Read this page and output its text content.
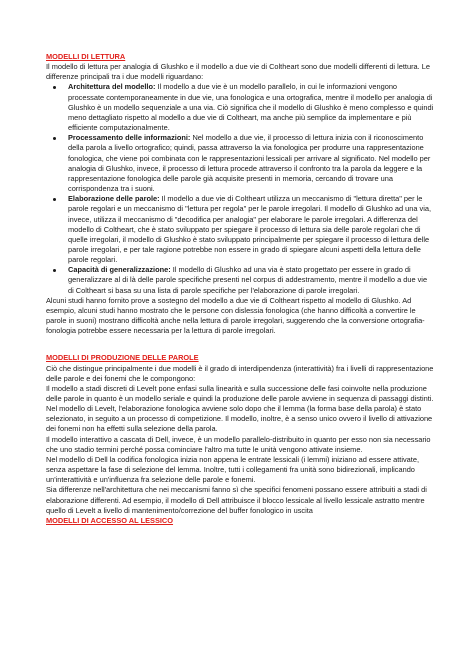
MODELLI DI LETTURA

Il modello di lettura per analogia di Glushko e il modello a due vie di Coltheart sono due modelli differenti di lettura. Le differenze principali tra i due modelli riguardano:

Architettura del modello: Il modello a due vie è un modello parallelo, in cui le informazioni vengono processate contemporaneamente in due vie, una fonologica e una ortografica, mentre il modello per analogia di Glushko è un modello sequenziale a una via. Ciò significa che il modello di Glushko è meno complesso e quindi meno dettagliato rispetto al modello a due vie di Coltheart, ma anche più semplice da implementare e più efficiente computazionalmente.
Processamento delle informazioni: Nel modello a due vie, il processo di lettura inizia con il riconoscimento della parola a livello ortografico; quindi, passa attraverso la via fonologica per produrre una rappresentazione fonologica, che viene poi combinata con le rappresentazioni lessicali per arrivare al significato. Nel modello per analogia di Glushko, invece, il processo di lettura procede attraverso il confronto tra la parola da leggere e la rappresentazione fonologica delle parole già acquisite presenti in memoria, cercando di trovare una corrispondenza tra i suoni.
Elaborazione delle parole: Il modello a due vie di Coltheart utilizza un meccanismo di "lettura diretta" per le parole regolari e un meccanismo di "lettura per regola" per le parole irregolari. Il modello di Glushko ad una via, invece, utilizza il meccanismo di "decodifica per analogia" per elaborare le parole irregolari. A differenza del modello di Coltheart, che è stato sviluppato per spiegare il processo di lettura sia delle parole regolari che di quelle irregolari, il modello di Glushko è stato sviluppato principalmente per spiegare il processo di lettura delle parole irregolari, e per tale ragione potrebbe non essere in grado di spiegare alcuni aspetti della lettura delle parole regolari.
Capacità di generalizzazione: Il modello di Glushko ad una via è stato progettato per essere in grado di generalizzare al di là delle parole specifiche presenti nel corpus di addestramento, mentre il modello a due vie di Coltheart si basa su una lista di parole specifiche per l'elaborazione di parole irregolari.

Alcuni studi hanno fornito prove a sostegno del modello a due vie di Coltheart rispetto al modello di Glushko. Ad esempio, alcuni studi hanno mostrato che le persone con dislessia fonologica (che hanno difficoltà a convertire le parole in suoni) mostrano difficoltà anche nella lettura di parole irregolari, suggerendo che la conversione ortografia-fonologia potrebbe essere necessaria per la lettura di parole irregolari.

MODELLI DI PRODUZIONE DELLE PAROLE

Ciò che distingue principalmente i due modelli è il grado di interdipendenza (interattività) fra i livelli di rappresentazione delle parole e dei fonemi che le compongono:

Il modello a stadi discreti di Levelt pone enfasi sulla linearità e sulla successione delle fasi coinvolte nella produzione delle parole in quanto è un modello seriale e quindi la produzione delle parole avviene in sequenza di passaggi distinti.

Nel modello di Levelt, l'elaborazione fonologica avviene solo dopo che il lemma (la forma base della parola) è stato selezionato, in seguito a un processo di competizione. Il modello, inoltre, è a senso unico ovvero il livello di attivazione dei fonemi non ha effetti sulla selezione della parola.

Il modello interattivo a cascata di Dell, invece, è un modello parallelo-distribuito in quanto per esso non sia necessario che uno stadio termini perché possa cominciare l'altro ma tutte le unità vengono attivate insieme.

Nel modello di Dell la codifica fonologica inizia non appena le entrate lessicali (i lemmi) iniziano ad essere attivate, senza aspettare la fase di selezione del lemma. Inoltre, tutti i collegamenti fra unità sono bidirezionali, implicando un'interattività e un'influenza fra selezione delle parole e fonemi.

Sia differenze nell'architettura che nei meccanismi fanno sì che specifici fenomeni possano essere attribuiti a stadi di elaborazione differenti. Ad esempio, il modello di Dell attribuisce il blocco lessicale al livello lessicale astratto mentre quello di Levelt a livello di mantenimento/correzione del buffer fonologico in uscita

MODELLI DI ACCESSO AL LESSICO
